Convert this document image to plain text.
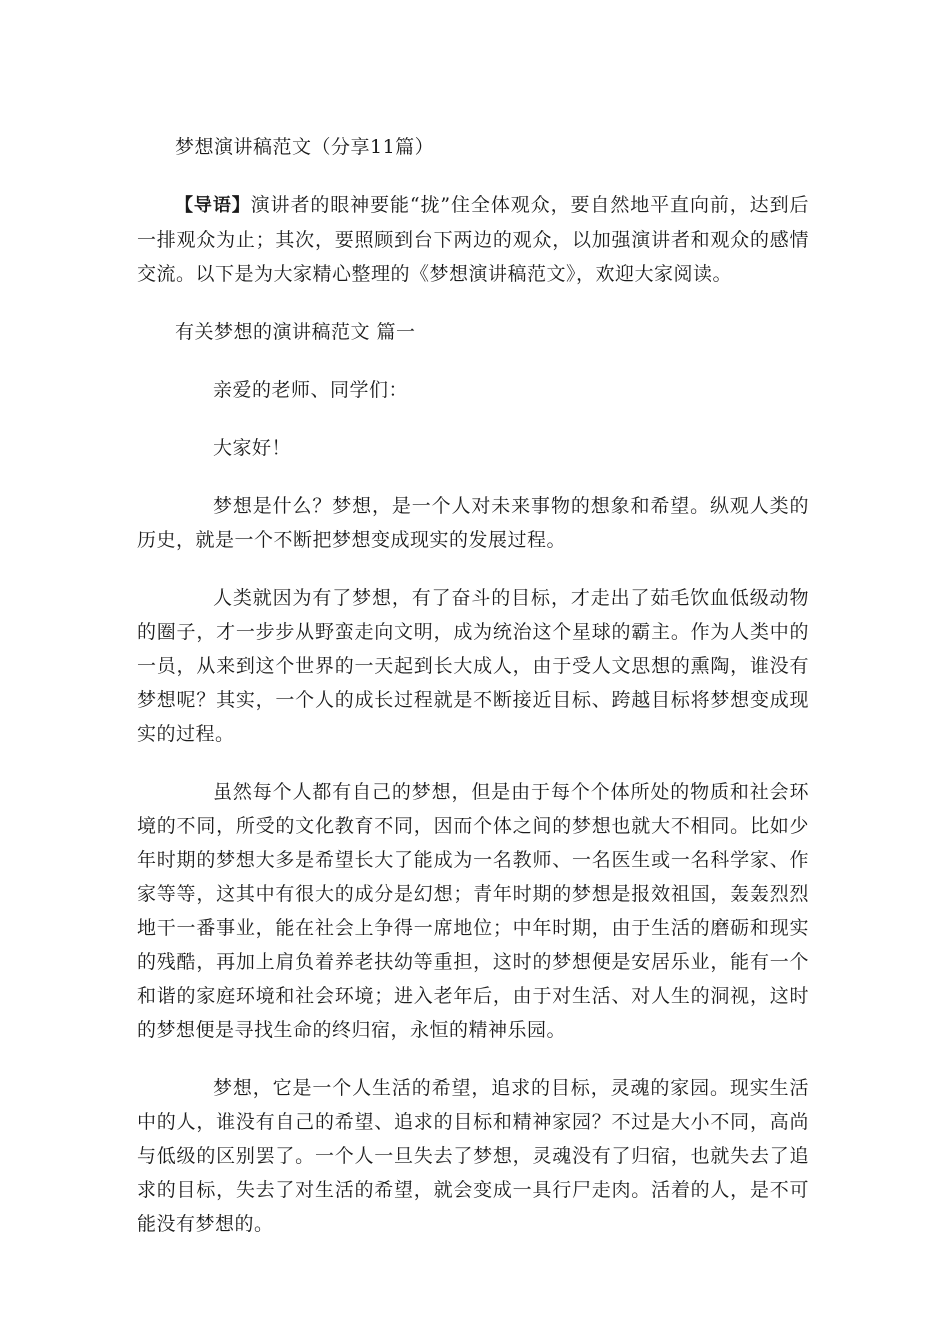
梦想演讲稿范文（分享11篇）
【导语】演讲者的眼神要能“拢”住全体观众，要自然地平直向前，达到后一排观众为止；其次，要照顾到台下两边的观众，以加强演讲者和观众的感情交流。以下是为大家精心整理的《梦想演讲稿范文》，欢迎大家阅读。
有关梦想的演讲稿范文 篇一
亲爱的老师、同学们：
大家好！

梦想是什么？梦想，是一个人对未来事物的想象和希望。纵观人类的历史，就是一个不断把梦想变成现实的发展过程。

人类就因为有了梦想，有了奋斗的目标，才走出了茹毛饮血低级动物的圈子，才一步步从野蛮走向文明，成为统治这个星球的霸主。作为人类中的一员，从来到这个世界的一天起到长大成人，由于受人文思想的熏陶，谁没有梦想呢？其实，一个人的成长过程就是不断接近目标、跨越目标将梦想变成现实的过程。

虽然每个人都有自己的梦想，但是由于每个个体所处的物质和社会环境的不同，所受的文化教育不同，因而个体之间的梦想也就大不相同。比如少年时期的梦想大多是希望长大了能成为一名教师、一名医生或一名科学家、作家等等，这其中有很大的成分是幻想；青年时期的梦想是报效祖国，轰轰烈烈地干一番事业，能在社会上争得一席地位；中年时期，由于生活的磨砺和现实的残酷，再加上肩负着养老扶幼等重担，这时的梦想便是安居乐业，能有一个和谐的家庭环境和社会环境；进入老年后，由于对生活、对人生的洞视，这时的梦想便是寻找生命的终归宿，永恒的精神乐园。

梦想，它是一个人生活的希望，追求的目标，灵魂的家园。现实生活中的人，谁没有自己的希望、追求的目标和精神家园？不过是大小不同，高尚与低级的区别罢了。一个人一旦失去了梦想，灵魂没有了归宿，也就失去了追求的目标，失去了对生活的希望，就会变成一具行尸走肉。活着的人，是不可能没有梦想的。
